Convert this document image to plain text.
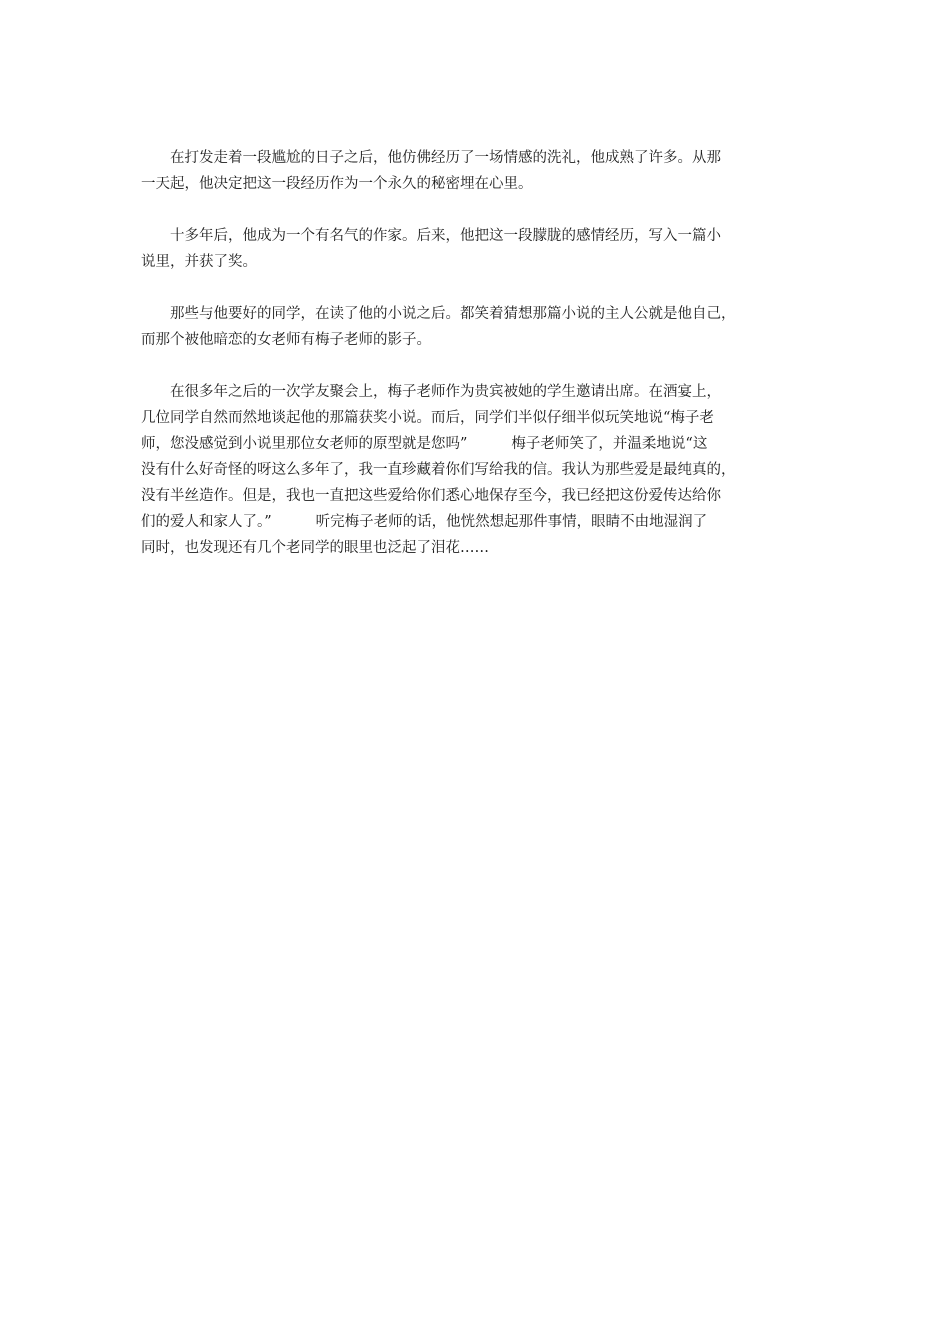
在打发走着一段尴尬的日子之后，他仿佛经历了一场情感的洗礼，他成熟了许多。从那
一天起，他决定把这一段经历作为一个永久的秘密埋在心里。
十多年后，他成为一个有名气的作家。后来，他把这一段朦胧的感情经历，写入一篇小
说里，并获了奖。
那些与他要好的同学，在读了他的小说之后。都笑着猜想那篇小说的主人公就是他自己，
而那个被他暗恋的女老师有梅子老师的影子。
在很多年之后的一次学友聚会上，梅子老师作为贵宾被她的学生邀请出席。在酒宴上，
几位同学自然而然地谈起他的那篇获奖小说。而后，同学们半似仔细半似玩笑地说“梅子老
师，您没感觉到小说里那位女老师的原型就是您吗”	梅子老师笑了，并温柔地说“这
没有什么好奇怪的呀这么多年了，我一直珍藏着你们写给我的信。我认为那些爱是最纯真的，
没有半丝造作。但是，我也一直把这些爱给你们悉心地保存至今，我已经把这份爱传达给你
们的爱人和家人了。”	听完梅子老师的话，他恍然想起那件事情，眼睛不由地湿润了
同时，也发现还有几个老同学的眼里也泛起了泪花……
